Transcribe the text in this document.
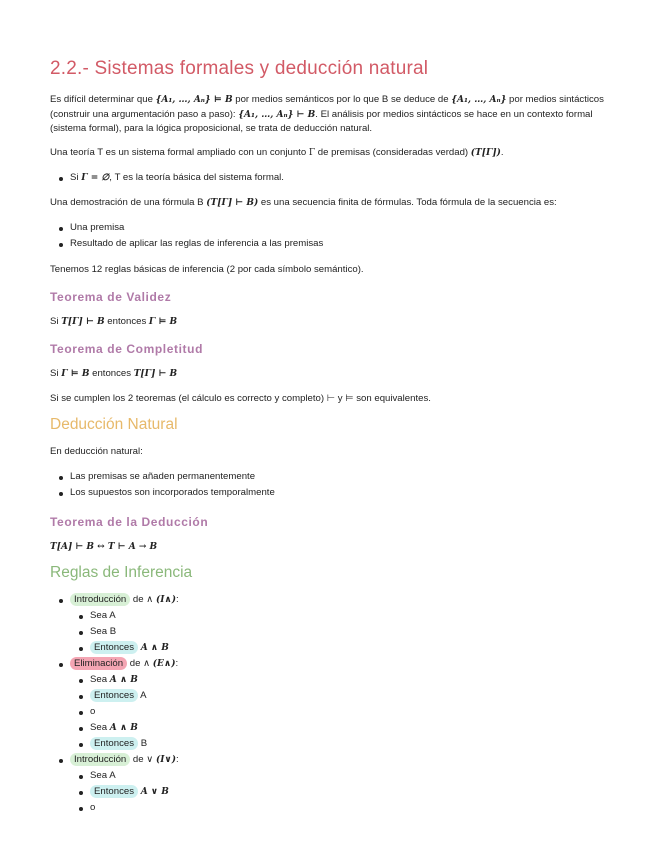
2.2.- Sistemas formales y deducción natural

Es difícil determinar que {A₁, …, Aₙ} ⊨ B por medios semánticos por lo que B se deduce de {A₁, …, Aₙ} por medios sintácticos
(construir una argumentación paso a paso): {A₁, …, Aₙ} ⊢ B. El análisis por medios sintácticos se hace en un contexto formal
(sistema formal), para la lógica proposicional, se trata de deducción natural.

Una teoría T es un sistema formal ampliado con un conjunto Γ de premisas (consideradas verdad) (T[Γ]).

Si Γ = ∅, T es la teoría básica del sistema formal.

Una demostración de una fórmula B (T[Γ] ⊢ B) es una secuencia finita de fórmulas. Toda fórmula de la secuencia es:

Una premisa
Resultado de aplicar las reglas de inferencia a las premisas

Tenemos 12 reglas básicas de inferencia (2 por cada símbolo semántico).

Teorema de Validez

Si T[Γ] ⊢ B entonces Γ ⊨ B

Teorema de Completitud

Si Γ ⊨ B entonces T[Γ] ⊢ B

Si se cumplen los 2 teoremas (el cálculo es correcto y completo) ⊢ y ⊨ son equivalentes.

Deducción Natural

En deducción natural:

Las premisas se añaden permanentemente
Los supuestos son incorporados temporalmente
Teorema de la Deducción

T[A] ⊢ B ↔ T ⊢ A → B

Reglas de Inferencia
Introducción de ∧ (I∧):
Sea A
Sea B
Entonces A ∧ B
Eliminación de ∧ (E∧):
Sea A ∧ B
Entonces A
o
Sea A ∧ B
Entonces B
Introducción de ∨ (I∨):
Sea A
Entonces A ∨ B
o
